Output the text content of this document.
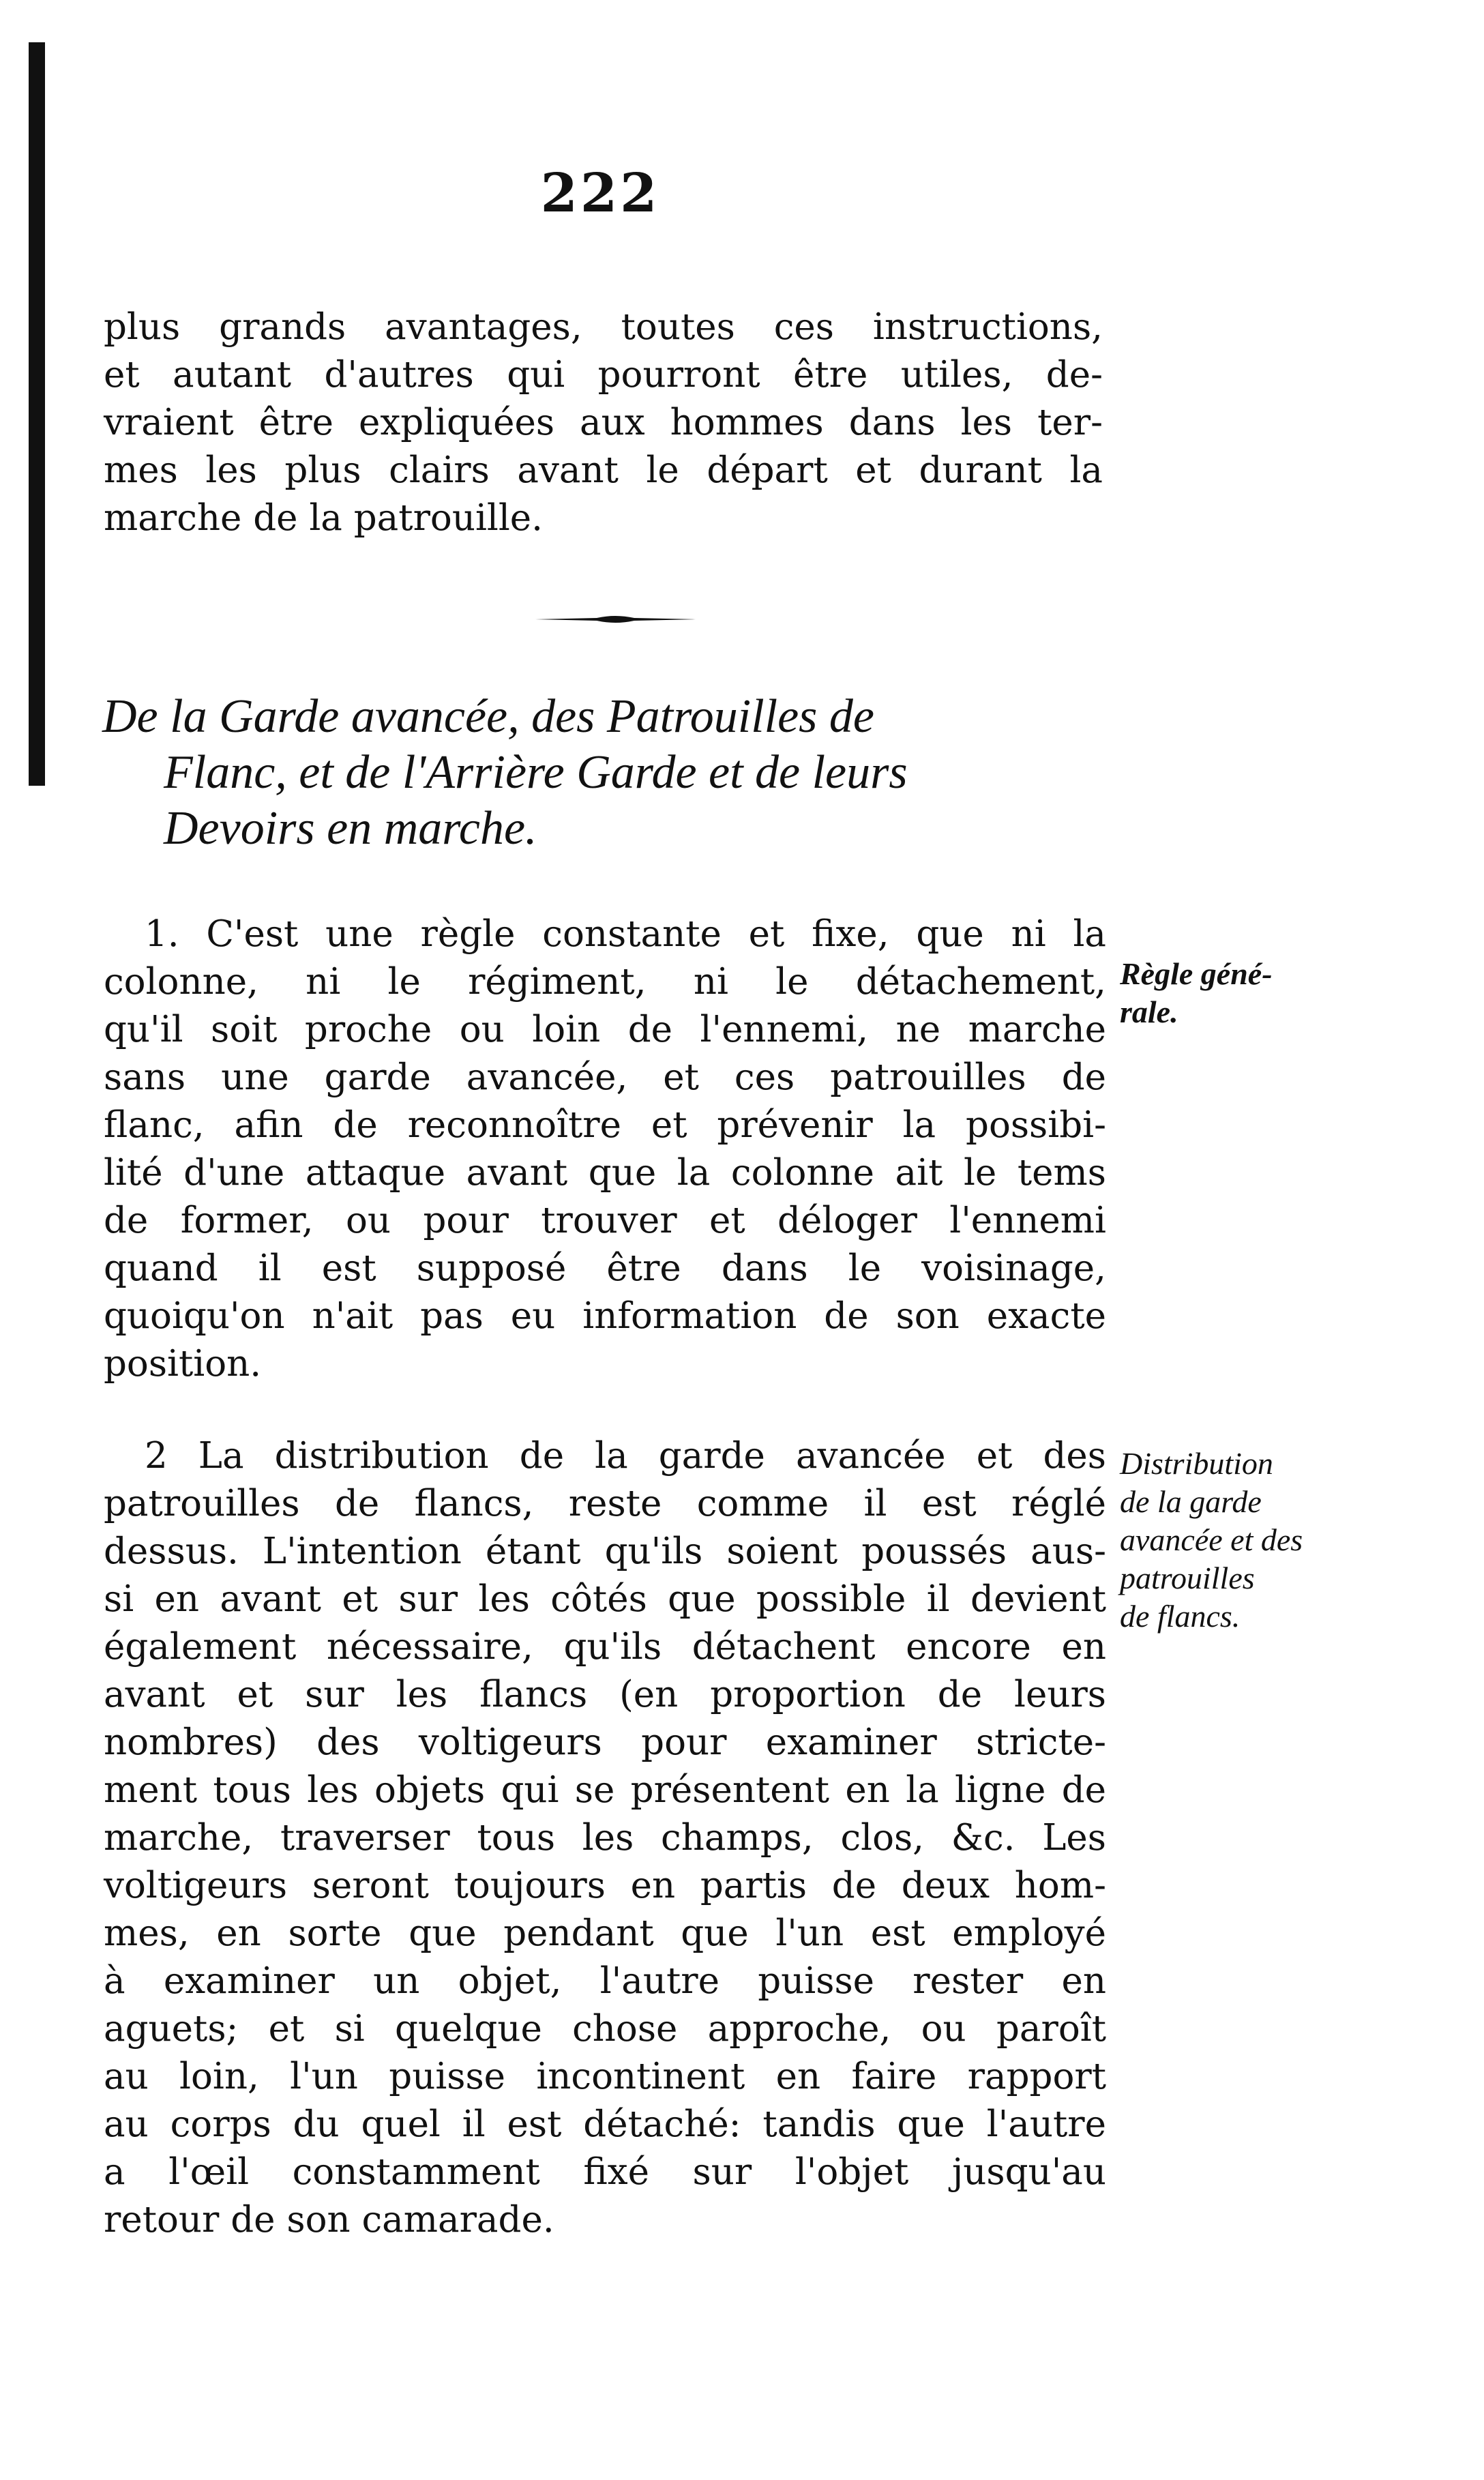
222
plus grands avantages, toutes ces instructions,
et autant d'autres qui pourront être utiles, de-
vraient être expliquées aux hommes dans les ter-
mes les plus clairs avant le départ et durant la
marche de la patrouille.
De la Garde avancée, des Patrouilles de
Flanc, et de l'Arrière Garde et de leurs
Devoirs en marche.
1. C'est une règle constante et fixe, que ni la
colonne, ni le régiment, ni le détachement,
qu'il soit proche ou loin de l'ennemi, ne marche
sans une garde avancée, et ces patrouilles de
flanc, afin de reconnoître et prévenir la possibi-
lité d'une attaque avant que la colonne ait le tems
de former, ou pour trouver et déloger l'ennemi
quand il est supposé être dans le voisinage,
quoiqu'on n'ait pas eu information de son exacte
position.
Règle géné-
rale.
2 La distribution de la garde avancée et des
patrouilles de flancs, reste comme il est réglé
dessus. L'intention étant qu'ils soient poussés aus-
si en avant et sur les côtés que possible il devient
également nécessaire, qu'ils détachent encore en
avant et sur les flancs (en proportion de leurs
nombres) des voltigeurs pour examiner stricte-
ment tous les objets qui se présentent en la ligne de
marche, traverser tous les champs, clos, &c. Les
voltigeurs seront toujours en partis de deux hom-
mes, en sorte que pendant que l'un est employé
à examiner un objet, l'autre puisse rester en
aguets; et si quelque chose approche, ou paroît
au loin, l'un puisse incontinent en faire rapport
au corps du quel il est détaché: tandis que l'autre
a l'œil constamment fixé sur l'objet jusqu'au
retour de son camarade.
Distribution
de la garde
avancée et des
patrouilles
de flancs.
